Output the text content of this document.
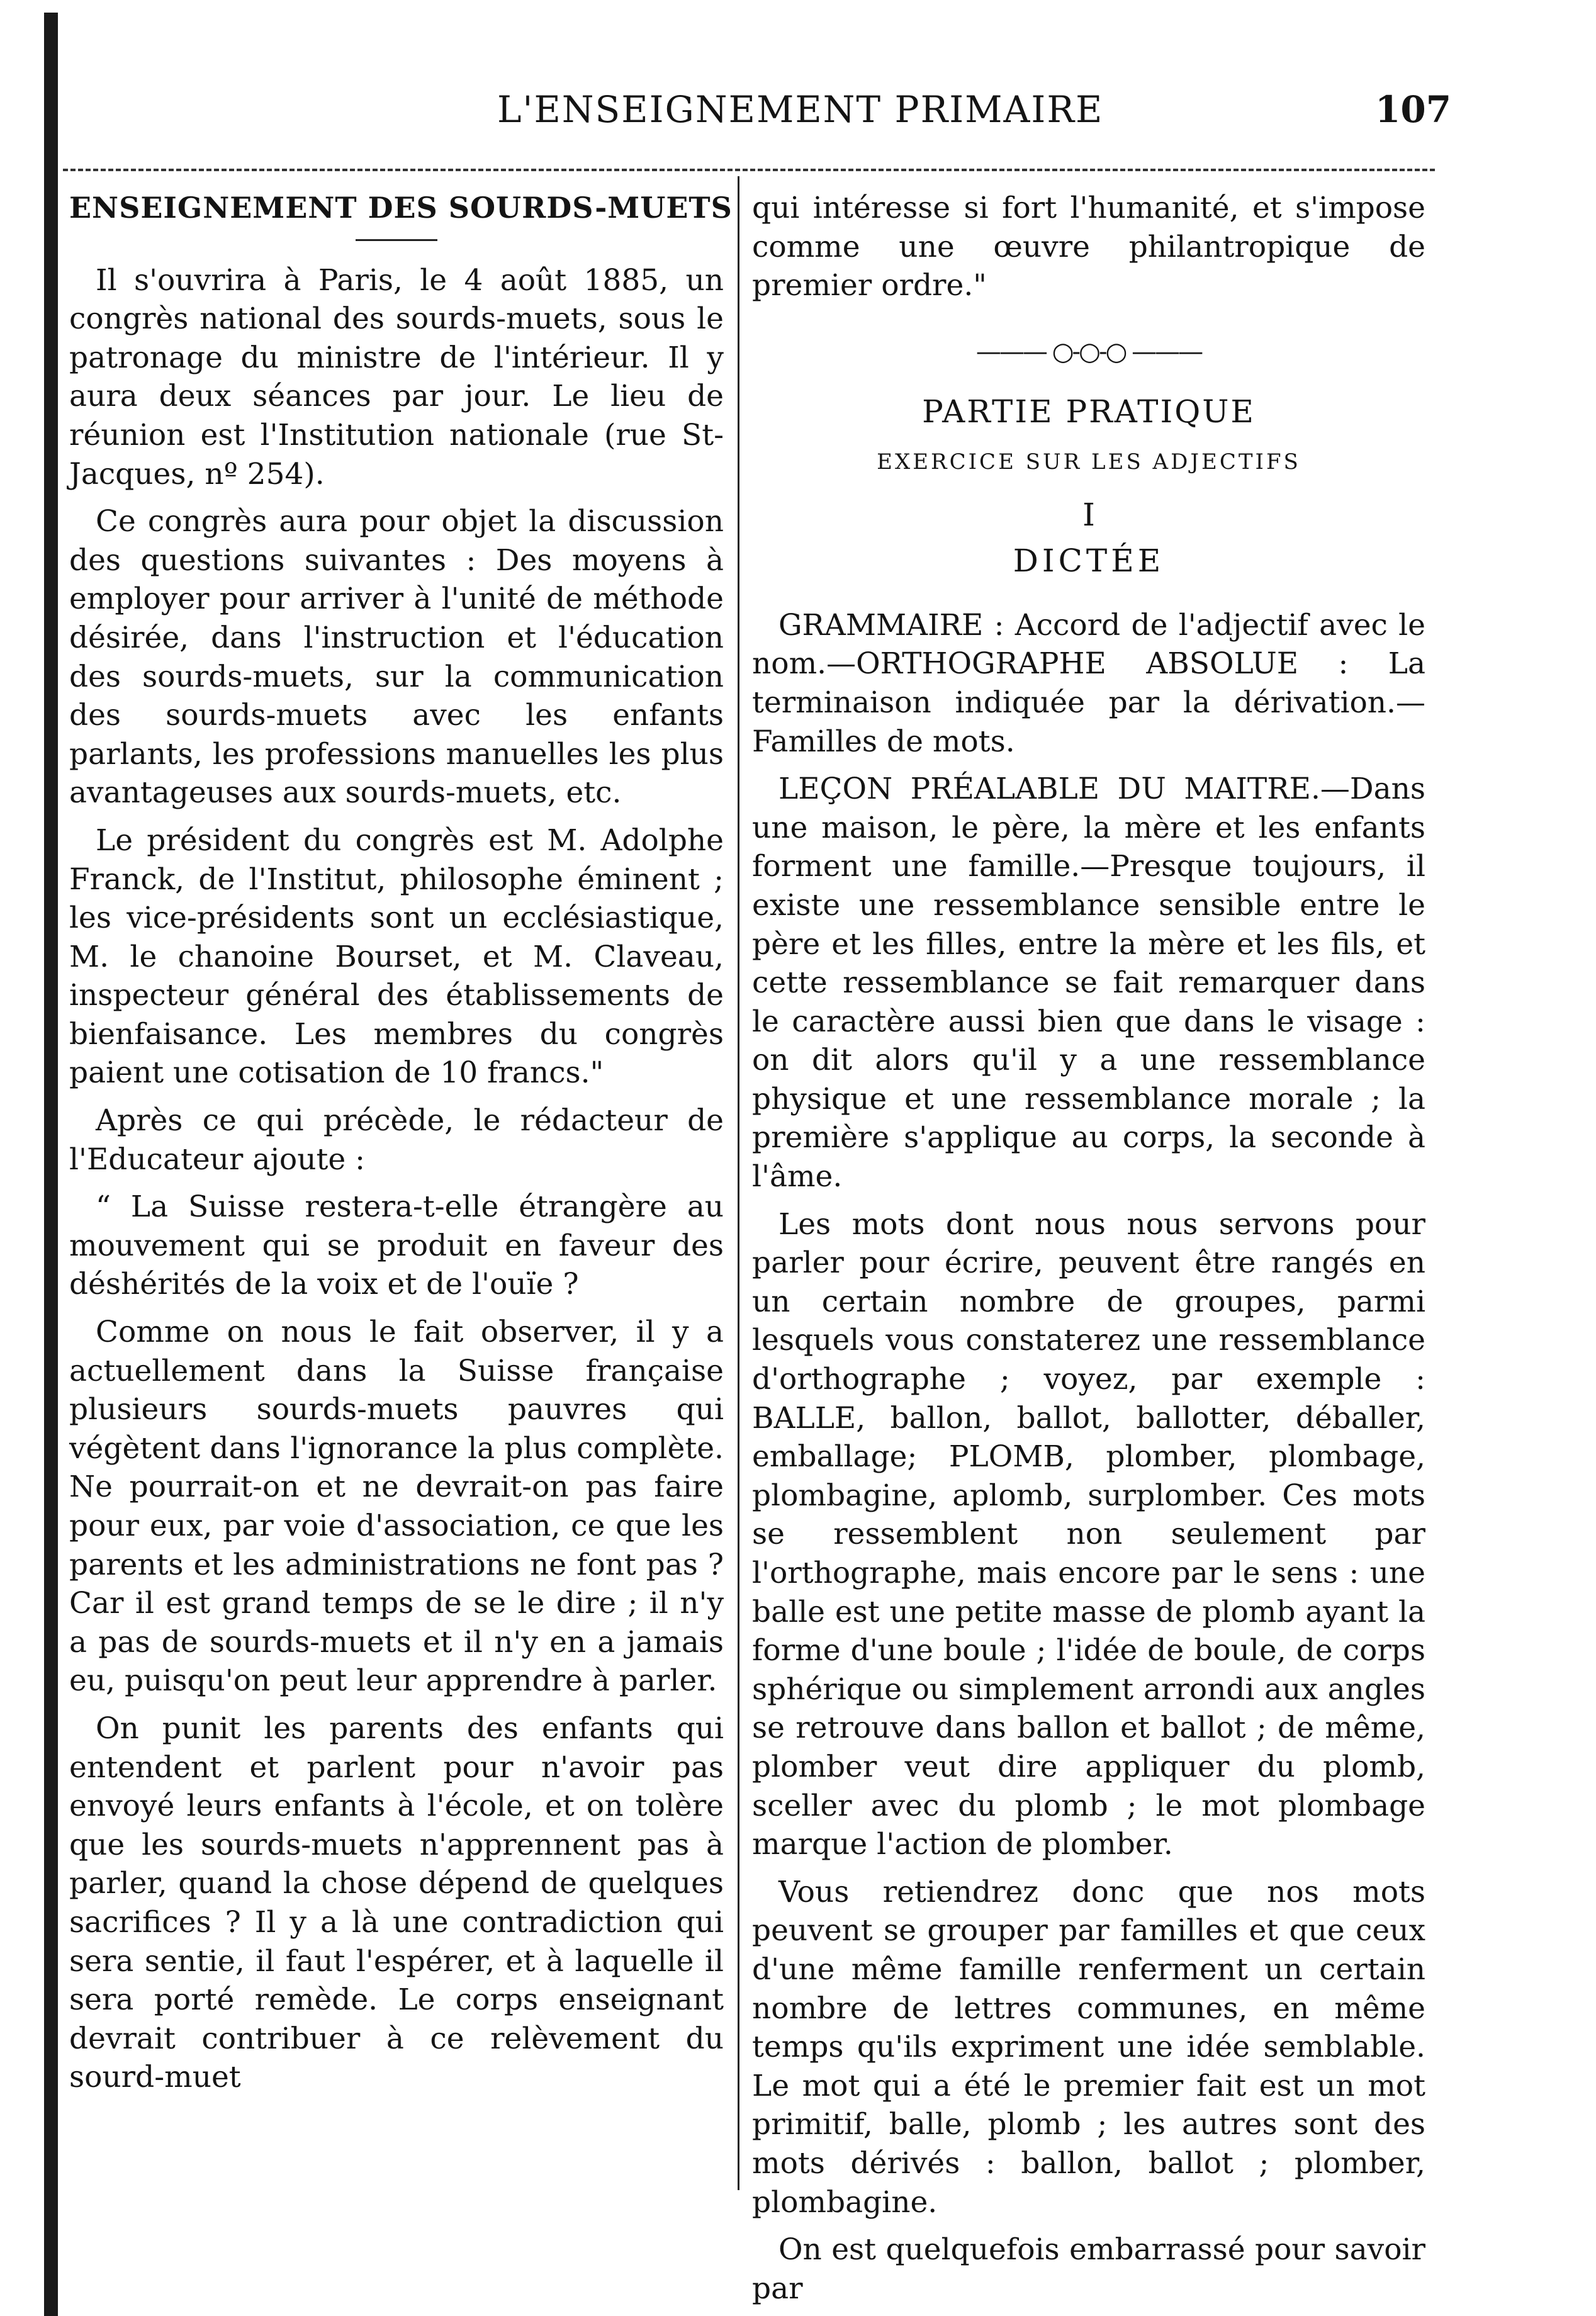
L'ENSEIGNEMENT PRIMAIRE	107
ENSEIGNEMENT DES SOURDS-MUETS

Il s'ouvrira à Paris, le 4 août 1885, un congrès national des sourds-muets, sous le patronage du ministre de l'intérieur. Il y aura deux séances par jour. Le lieu de réunion est l'Institution nationale (rue St-Jacques, nº 254).

Ce congrès aura pour objet la discussion des questions suivantes : Des moyens à employer pour arriver à l'unité de méthode désirée, dans l'instruction et l'éducation des sourds-muets, sur la communication des sourds-muets avec les enfants parlants, les professions manuelles les plus avantageuses aux sourds-muets, etc.

Le président du congrès est M. Adolphe Franck, de l'Institut, philosophe éminent ; les vice-présidents sont un ecclésiastique, M. le chanoine Bourset, et M. Claveau, inspecteur général des établissements de bienfaisance. Les membres du congrès paient une cotisation de 10 francs."

Après ce qui précède, le rédacteur de l'Educateur ajoute :

“ La Suisse restera-t-elle étrangère au mouvement qui se produit en faveur des déshérités de la voix et de l'ouïe ?

Comme on nous le fait observer, il y a actuellement dans la Suisse française plusieurs sourds-muets pauvres qui végètent dans l'ignorance la plus complète. Ne pourrait-on et ne devrait-on pas faire pour eux, par voie d'association, ce que les parents et les administrations ne font pas ? Car il est grand temps de se le dire ; il n'y a pas de sourds-muets et il n'y en a jamais eu, puisqu'on peut leur apprendre à parler.

On punit les parents des enfants qui entendent et parlent pour n'avoir pas envoyé leurs enfants à l'école, et on tolère que les sourds-muets n'apprennent pas à parler, quand la chose dépend de quelques sacrifices ? Il y a là une contradiction qui sera sentie, il faut l'espérer, et à laquelle il sera porté remède. Le corps enseignant devrait contribuer à ce relèvement du sourd-muet

qui intéresse si fort l'humanité, et s'impose comme une œuvre philantropique de premier ordre."

——— ○-○-○ ———
PARTIE PRATIQUE
EXERCICE SUR LES ADJECTIFS
I
DICTÉE

GRAMMAIRE : Accord de l'adjectif avec le nom.—ORTHOGRAPHE ABSOLUE : La terminaison indiquée par la dérivation.—Familles de mots.

LEÇON PRÉALABLE DU MAITRE.—Dans une maison, le père, la mère et les enfants forment une famille.—Presque toujours, il existe une ressemblance sensible entre le père et les filles, entre la mère et les fils, et cette ressemblance se fait remarquer dans le caractère aussi bien que dans le visage : on dit alors qu'il y a une ressemblance physique et une ressemblance morale ; la première s'applique au corps, la seconde à l'âme.

Les mots dont nous nous servons pour parler pour écrire, peuvent être rangés en un certain nombre de groupes, parmi lesquels vous constaterez une ressemblance d'orthographe ; voyez, par exemple : BALLE, ballon, ballot, ballotter, déballer, emballage; PLOMB, plomber, plombage, plombagine, aplomb, surplomber. Ces mots se ressemblent non seulement par l'orthographe, mais encore par le sens : une balle est une petite masse de plomb ayant la forme d'une boule ; l'idée de boule, de corps sphérique ou simplement arrondi aux angles se retrouve dans ballon et ballot ; de même, plomber veut dire appliquer du plomb, sceller avec du plomb ; le mot plombage marque l'action de plomber.

Vous retiendrez donc que nos mots peuvent se grouper par familles et que ceux d'une même famille renferment un certain nombre de lettres communes, en même temps qu'ils expriment une idée semblable. Le mot qui a été le premier fait est un mot primitif, balle, plomb ; les autres sont des mots dérivés : ballon, ballot ; plomber, plombagine.

On est quelquefois embarrassé pour savoir par
